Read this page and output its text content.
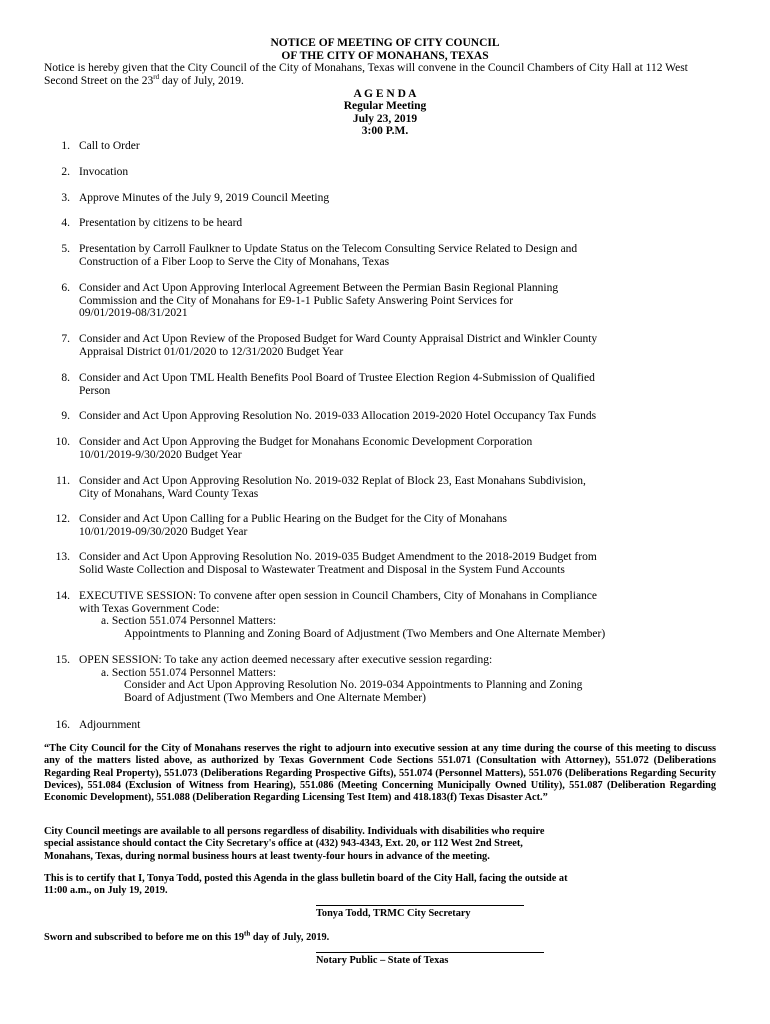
NOTICE OF MEETING OF CITY COUNCIL
OF THE CITY OF MONAHANS, TEXAS
Notice is hereby given that the City Council of the City of Monahans, Texas will convene in the Council Chambers of City Hall at 112 West Second Street on the 23rd day of July, 2019.
A G E N D A
Regular Meeting
July 23, 2019
3:00 P.M.
1. Call to Order
2. Invocation
3. Approve Minutes of the July 9, 2019 Council Meeting
4. Presentation by citizens to be heard
5. Presentation by Carroll Faulkner to Update Status on the Telecom Consulting Service Related to Design and
Construction of a Fiber Loop to Serve the City of Monahans, Texas
6. Consider and Act Upon Approving Interlocal Agreement Between the Permian Basin Regional Planning
Commission and the City of Monahans for E9-1-1 Public Safety Answering Point Services for
09/01/2019-08/31/2021
7. Consider and Act Upon Review of the Proposed Budget for Ward County Appraisal District and Winkler County
Appraisal District 01/01/2020 to 12/31/2020 Budget Year
8. Consider and Act Upon TML Health Benefits Pool Board of Trustee Election Region 4-Submission of Qualified
Person
9. Consider and Act Upon Approving Resolution No. 2019-033 Allocation 2019-2020 Hotel Occupancy Tax Funds
10. Consider and Act Upon Approving the Budget for Monahans Economic Development Corporation
10/01/2019-9/30/2020 Budget Year
11. Consider and Act Upon Approving Resolution No. 2019-032 Replat of Block 23, East Monahans Subdivision,
City of Monahans, Ward County Texas
12. Consider and Act Upon Calling for a Public Hearing on the Budget for the City of Monahans
10/01/2019-09/30/2020 Budget Year
13. Consider and Act Upon Approving Resolution No. 2019-035 Budget Amendment to the 2018-2019 Budget from
Solid Waste Collection and Disposal to Wastewater Treatment and Disposal in the System Fund Accounts
14. EXECUTIVE SESSION: To convene after open session in Council Chambers, City of Monahans in Compliance
with Texas Government Code:
a. Section 551.074 Personnel Matters:
Appointments to Planning and Zoning Board of Adjustment (Two Members and One Alternate Member)
15. OPEN SESSION: To take any action deemed necessary after executive session regarding:
a. Section 551.074 Personnel Matters:
Consider and Act Upon Approving Resolution No. 2019-034 Appointments to Planning and Zoning
Board of Adjustment (Two Members and One Alternate Member)
16. Adjournment
“The City Council for the City of Monahans reserves the right to adjourn into executive session at any time during the course of this meeting to discuss any of the matters listed above, as authorized by Texas Government Code Sections 551.071 (Consultation with Attorney), 551.072 (Deliberations Regarding Real Property), 551.073 (Deliberations Regarding Prospective Gifts), 551.074 (Personnel Matters), 551.076 (Deliberations Regarding Security Devices), 551.084 (Exclusion of Witness from Hearing), 551.086 (Meeting Concerning Municipally Owned Utility), 551.087 (Deliberation Regarding Economic Development), 551.088 (Deliberation Regarding Licensing Test Item) and 418.183(f) Texas Disaster Act.”
City Council meetings are available to all persons regardless of disability. Individuals with disabilities who require
special assistance should contact the City Secretary's office at (432) 943-4343, Ext. 20, or 112 West 2nd Street,
Monahans, Texas, during normal business hours at least twenty-four hours in advance of the meeting.
This is to certify that I, Tonya Todd, posted this Agenda in the glass bulletin board of the City Hall, facing the outside at
11:00 a.m., on July 19, 2019.
Tonya Todd, TRMC City Secretary
Sworn and subscribed to before me on this 19th day of July, 2019.
Notary Public – State of Texas
